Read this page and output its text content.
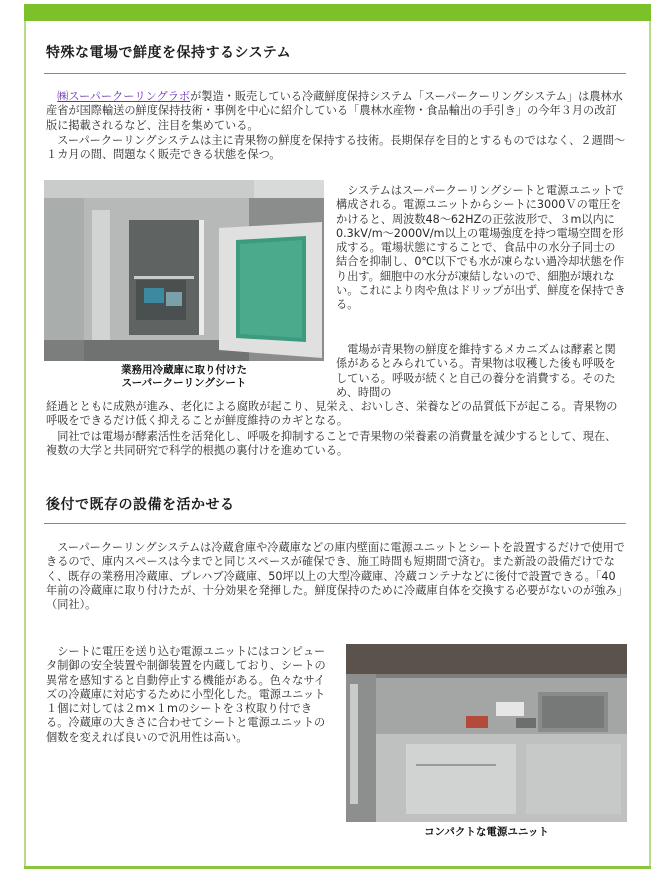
特殊な電場で鮮度を保持するシステム

㈱スーパークーリングラボが製造・販売している冷蔵鮮度保持システム「スーパークーリングシステム」は農林水産省が国際輸送の鮮度保持技術・事例を中心に紹介している「農林水産物・食品輸出の手引き」の今年３月の改訂版に掲載されるなど、注目を集めている。

スーパークーリングシステムは主に青果物の鮮度を保持する技術。長期保存を目的とするものではなく、２週間～１カ月の間、問題なく販売できる状態を保つ。

業務用冷蔵庫に取り付けた
スーパークーリングシート

システムはスーパークーリングシートと電源ユニットで構成される。電源ユニットからシートに3000Ｖの電圧をかけると、周波数48～62HZの正弦波形で、３m以内に0.3kV/m～2000V/m以上の電場強度を持つ電場空間を形成する。電場状態にすることで、食品中の水分子同士の結合を抑制し、0℃以下でも水が凍らない過冷却状態を作り出す。細胞中の水分が凍結しないので、細胞が壊れない。これにより肉や魚はドリップが出ず、鮮度を保持できる。

電場が青果物の鮮度を維持するメカニズムは酵素と関係があるとみられている。青果物は収穫した後も呼吸をしている。呼吸が続くと自己の養分を消費する。そのため、時間の

経過とともに成熟が進み、老化による腐敗が起こり、見栄え、おいしさ、栄養などの品質低下が起こる。青果物の呼吸をできるだけ低く抑えることが鮮度維持のカギとなる。

同社では電場が酵素活性を活発化し、呼吸を抑制することで青果物の栄養素の消費量を減少するとして、現在、複数の大学と共同研究で科学的根拠の裏付けを進めている。

後付で既存の設備を活かせる

スーパークーリングシステムは冷蔵倉庫や冷蔵庫などの庫内壁面に電源ユニットとシートを設置するだけで使用できるので、庫内スペースは今までと同じスペースが確保でき、施工時間も短期間で済む。また新設の設備だけでなく、既存の業務用冷蔵庫、プレハブ冷蔵庫、50坪以上の大型冷蔵庫、冷蔵コンテナなどに後付で設置できる。「40年前の冷蔵庫に取り付けたが、十分効果を発揮した。鮮度保持のために冷蔵庫自体を交換する必要がないのが強み」（同社）。

シートに電圧を送り込む電源ユニットにはコンピュータ制御の安全装置や制御装置を内蔵しており、シートの異常を感知すると自動停止する機能がある。色々なサイズの冷蔵庫に対応するために小型化した。電源ユニット１個に対しては２m×１mのシートを３枚取り付できる。冷蔵庫の大きさに合わせてシートと電源ユニットの個数を変えれば良いので汎用性は高い。

コンパクトな電源ユニット
